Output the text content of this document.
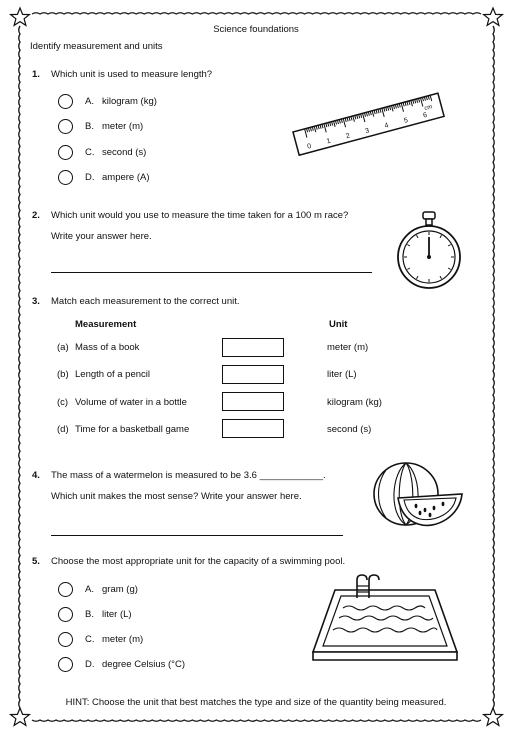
Science foundations
Identify measurement and units
1. Which unit is used to measure length?
A. kilogram (kg)
B. meter (m)
C. second (s)
D. ampere (A)
0
1
2
3
4
5
6
cm
2. Which unit would you use to measure the time taken for a 100 m race?
Write your answer here.
3. Match each measurement to the correct unit.
Measurement	Unit
(a) Mass of a book	meter (m)
(b) Length of a pencil	liter (L)
(c) Volume of water in a bottle	kilogram (kg)
(d) Time for a basketball game	second (s)
4. The mass of a watermelon is measured to be 3.6 ____________.
Which unit makes the most sense? Write your answer here.
5. Choose the most appropriate unit for the capacity of a swimming pool.
A. gram (g)
B. liter (L)
C. meter (m)
D. degree Celsius (°C)
HINT: Choose the unit that best matches the type and size of the quantity being measured.
